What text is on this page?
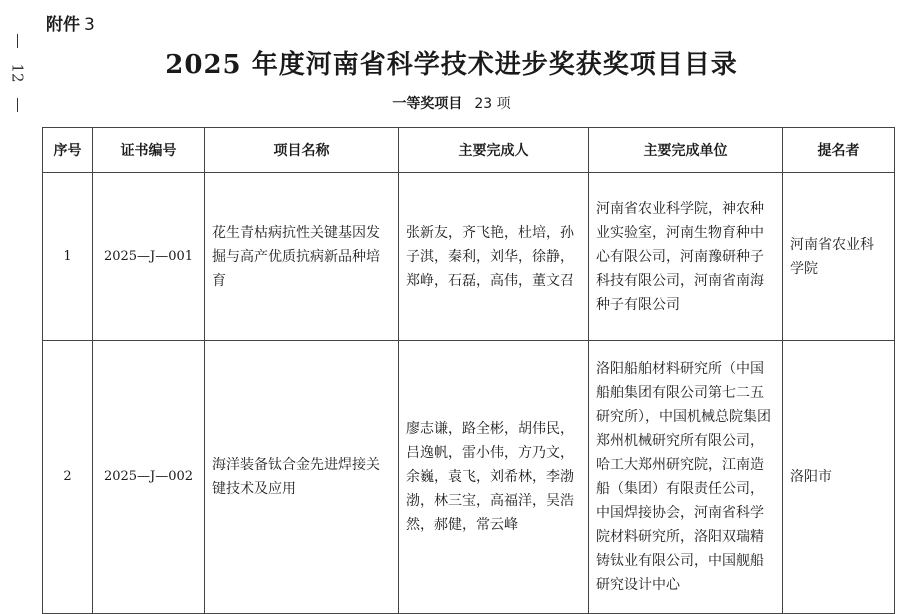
附件 3
12	2025 年度河南省科学技术进步奖获奖项目目录
一等奖项目 23 项
序号	证书编号	项目名称	主要完成人	主要完成单位	提名者
1	2025—J—001	花生青枯病抗性关键基因发掘与高产优质抗病新品种培育	张新友，齐飞艳，杜培，孙子淇，秦利，刘华，徐静，郑峥，石磊，高伟，董文召	河南省农业科学院，神农种业实验室，河南生物育种中心有限公司，河南豫研种子科技有限公司，河南省南海种子有限公司	河南省农业科学院
2	2025—J—002	海洋装备钛合金先进焊接关键技术及应用	廖志谦，路全彬，胡伟民，吕逸帆，雷小伟，方乃文，余巍，袁飞，刘希林，李渤渤，林三宝，高福洋，吴浩然，郝健，常云峰	洛阳船舶材料研究所（中国船舶集团有限公司第七二五研究所），中国机械总院集团郑州机械研究所有限公司，哈工大郑州研究院，江南造船（集团）有限责任公司，中国焊接协会，河南省科学院材料研究所，洛阳双瑞精铸钛业有限公司，中国舰船研究设计中心	洛阳市
